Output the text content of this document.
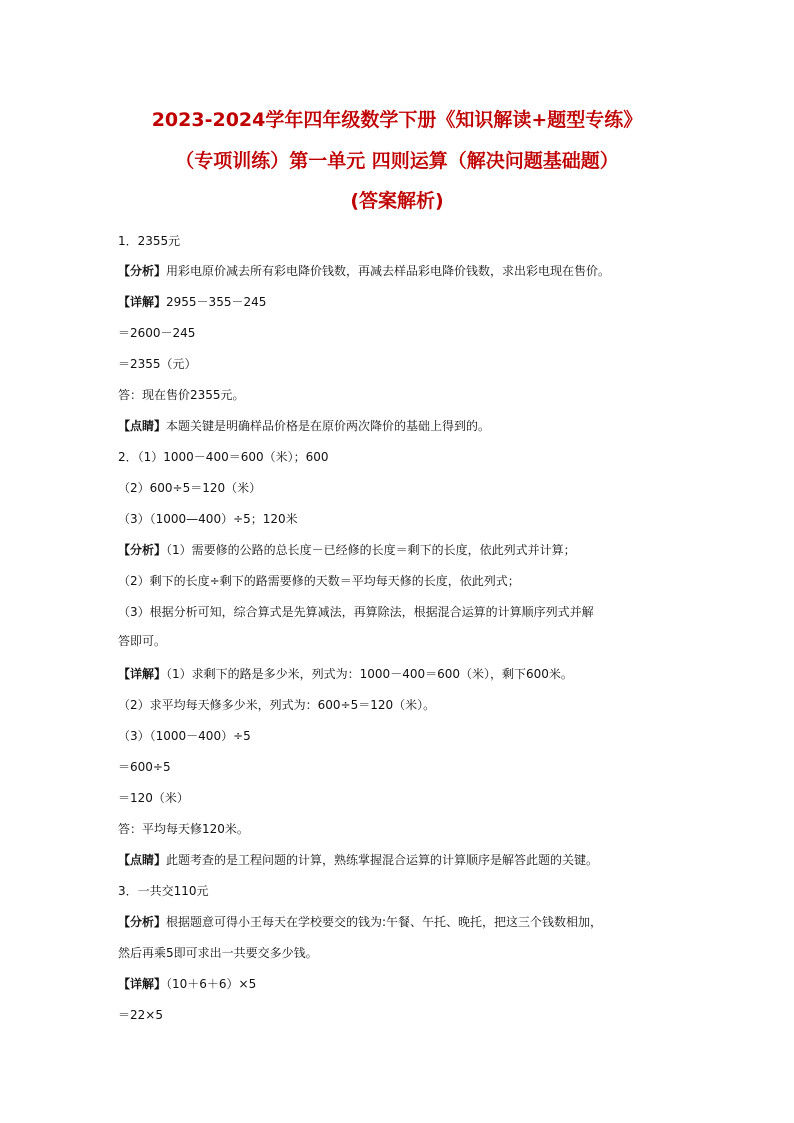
2023-2024学年四年级数学下册《知识解读+题型专练》
（专项训练）第一单元 四则运算（解决问题基础题）
(答案解析)
1．2355元
【分析】用彩电原价减去所有彩电降价钱数，再减去样品彩电降价钱数，求出彩电现在售价。
【详解】2955－355－245
＝2600－245
＝2355（元）
答：现在售价2355元。
【点睛】本题关键是明确样品价格是在原价两次降价的基础上得到的。
2．（1）1000－400＝600（米）；600
（2）600÷5＝120（米）
（3）（1000—400）÷5；120米
【分析】（1）需要修的公路的总长度－已经修的长度＝剩下的长度，依此列式并计算；
（2）剩下的长度÷剩下的路需要修的天数＝平均每天修的长度，依此列式；
（3）根据分析可知，综合算式是先算减法，再算除法，根据混合运算的计算顺序列式并解
答即可。
【详解】（1）求剩下的路是多少米，列式为：1000－400＝600（米），剩下600米。
（2）求平均每天修多少米，列式为：600÷5＝120（米）。
（3）（1000－400）÷5
＝600÷5
＝120（米）
答：平均每天修120米。
【点睛】此题考查的是工程问题的计算，熟练掌握混合运算的计算顺序是解答此题的关键。
3．一共交110元
【分析】根据题意可得小王每天在学校要交的钱为:午餐、午托、晚托，把这三个钱数相加，
然后再乘5即可求出一共要交多少钱。
【详解】（10＋6＋6）×5
＝22×5
